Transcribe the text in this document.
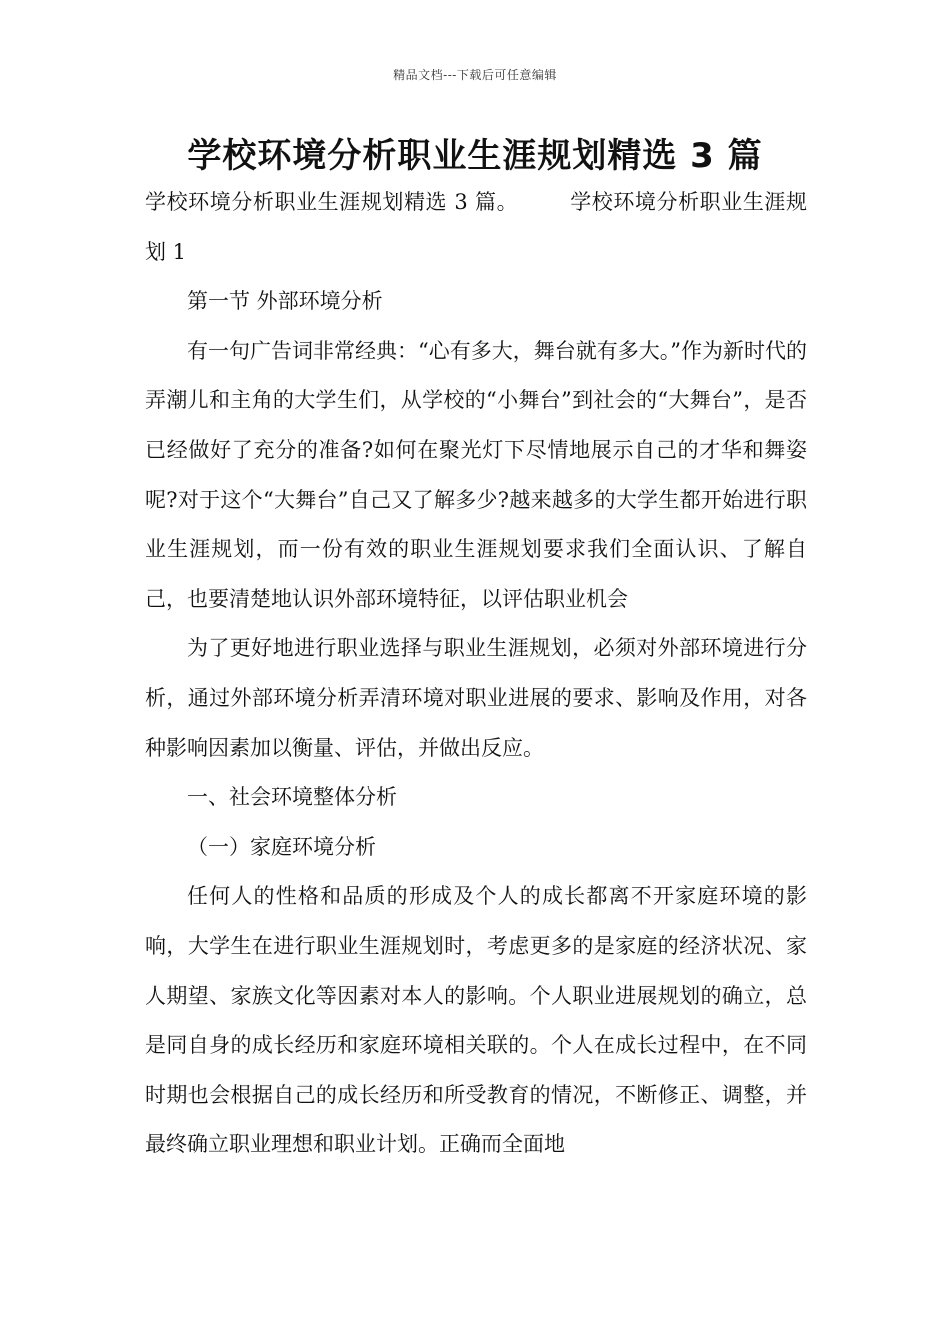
精品文档---下载后可任意编辑
学校环境分析职业生涯规划精选 3 篇

学校环境分析职业生涯规划精选 3 篇。 学校环境分析职业生涯规划 1

第一节 外部环境分析

有一句广告词非常经典：“心有多大，舞台就有多大。”作为新时代的弄潮儿和主角的大学生们，从学校的“小舞台”到社会的“大舞台”，是否已经做好了充分的准备?如何在聚光灯下尽情地展示自己的才华和舞姿呢?对于这个“大舞台”自己又了解多少?越来越多的大学生都开始进行职业生涯规划，而一份有效的职业生涯规划要求我们全面认识、了解自己，也要清楚地认识外部环境特征，以评估职业机会

为了更好地进行职业选择与职业生涯规划，必须对外部环境进行分析，通过外部环境分析弄清环境对职业进展的要求、影响及作用，对各种影响因素加以衡量、评估，并做出反应。

一、社会环境整体分析

（一）家庭环境分析

任何人的性格和品质的形成及个人的成长都离不开家庭环境的影响，大学生在进行职业生涯规划时，考虑更多的是家庭的经济状况、家人期望、家族文化等因素对本人的影响。个人职业进展规划的确立，总是同自身的成长经历和家庭环境相关联的。个人在成长过程中，在不同时期也会根据自己的成长经历和所受教育的情况，不断修正、调整，并最终确立职业理想和职业计划。正确而全面地
